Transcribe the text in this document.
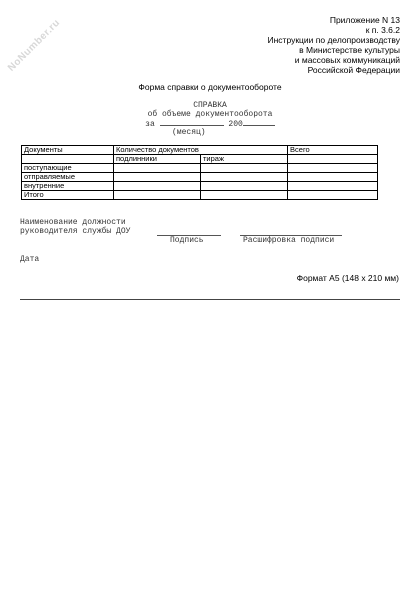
NoNumber.ru	Приложение N 13
к п. 3.6.2
Инструкции по делопроизводству
в Министерстве культуры
и массовых коммуникаций
Российской Федерации
Форма справки о документообороте
СПРАВКА
об объеме документооборота
за	200
(месяц)
Документы	Количество документов		Всего
	подлинники	тираж	
поступающие			
отправляемые			
внутренние			
Итого			
Наименование должности
руководителя службы ДОУ
Подпись	Расшифровка подписи
Дата
Формат А5 (148 x 210 мм)
